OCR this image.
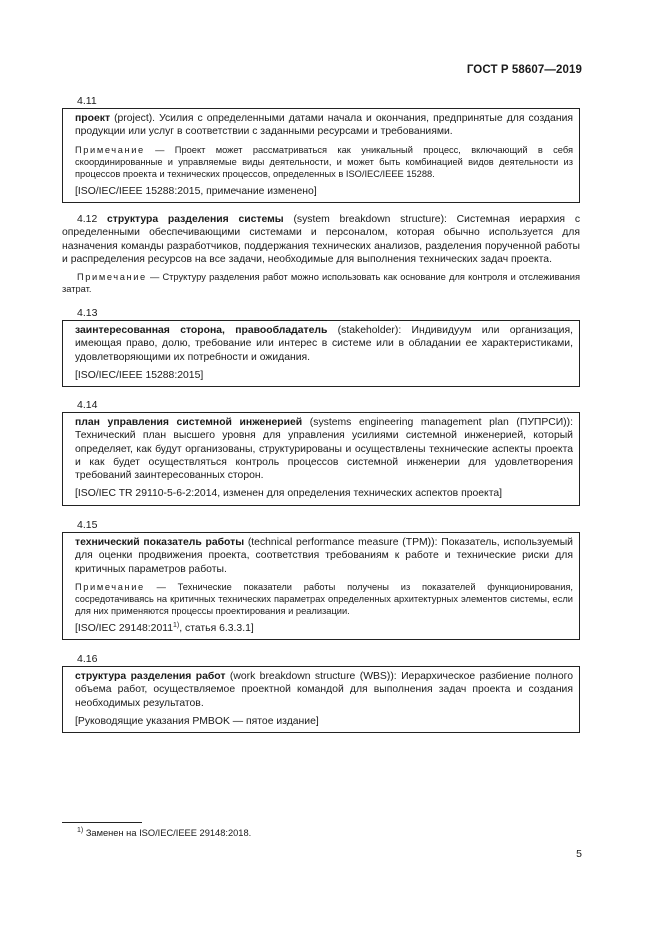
ГОСТ Р 58607—2019
4.11

проект (project). Усилия с определенными датами начала и окончания, предпринятые для создания продукции или услуг в соответствии с заданными ресурсами и требованиями.

Примечание — Проект может рассматриваться как уникальный процесс, включающий в себя скоординированные и управляемые виды деятельности, и может быть комбинацией видов деятельности из процессов проекта и технических процессов, определенных в ISO/IEC/IEEE 15288.

[ISO/IEC/IEEE 15288:2015, примечание изменено]

4.12 структура разделения системы (system breakdown structure): Системная иерархия с определенными обеспечивающими системами и персоналом, которая обычно используется для назначения команды разработчиков, поддержания технических анализов, разделения порученной работы и распределения ресурсов на все задачи, необходимые для выполнения технических задач проекта.

Примечание — Структуру разделения работ можно использовать как основание для контроля и отслеживания затрат.

4.13

заинтересованная сторона, правообладатель (stakeholder): Индивидуум или организация, имеющая право, долю, требование или интерес в системе или в обладании ее характеристиками, удовлетворяющими их потребности и ожидания.

[ISO/IEC/IEEE 15288:2015]

4.14

план управления системной инженерией (systems engineering management plan (ПУПРСИ)): Технический план высшего уровня для управления усилиями системной инженерией, который определяет, как будут организованы, структурированы и осуществлены технические аспекты проекта и как будет осуществляться контроль процессов системной инженерии для удовлетворения требований заинтересованных сторон.

[ISO/IEC TR 29110-5-6-2:2014, изменен для определения технических аспектов проекта]

4.15

технический показатель работы (technical performance measure (TPM)): Показатель, используемый для оценки продвижения проекта, соответствия требованиям к работе и технические риски для критичных параметров работы.

Примечание — Технические показатели работы получены из показателей функционирования, сосредотачиваясь на критичных технических параметрах определенных архитектурных элементов системы, если для них применяются процессы проектирования и реализации.

[ISO/IEC 29148:2011$^{1)}$, статья 6.3.3.1]

4.16

структура разделения работ (work breakdown structure (WBS)): Иерархическое разбиение полного объема работ, осуществляемое проектной командой для выполнения задач проекта и создания необходимых результатов.

[Руководящие указания PMBOK — пятое издание]

$^{1)}$ Заменен на ISO/IEC/IEEE 29148:2018.
5
